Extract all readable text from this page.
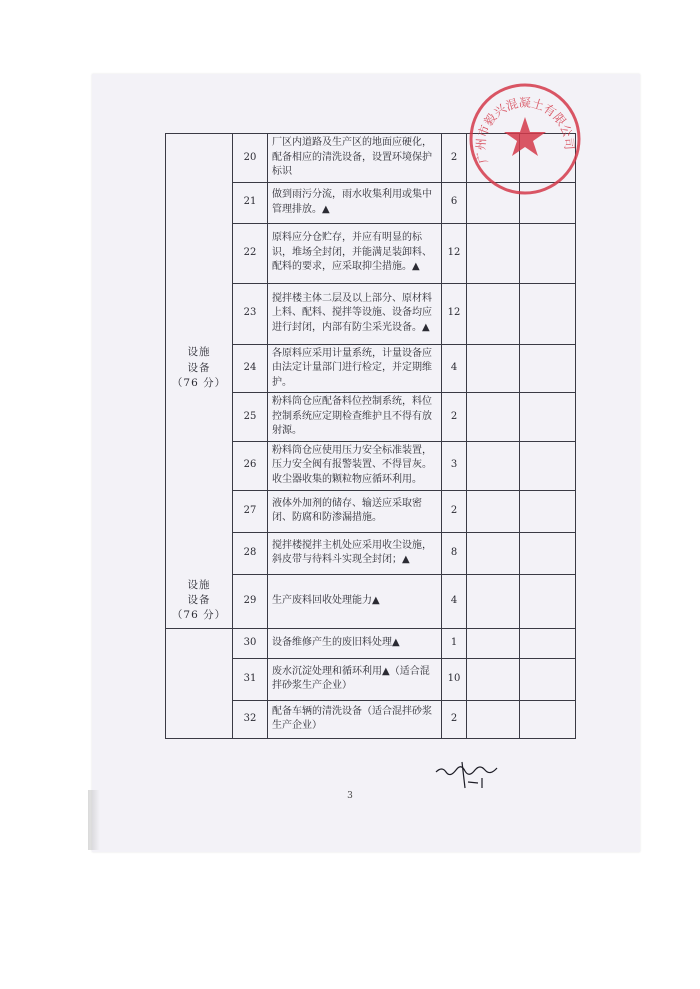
	20	厂区内道路及生产区的地面应硬化，配备相应的清洗设备，设置环境保护标识	2		
	21	做到雨污分流，雨水收集利用或集中管理排放。▲	6		
	22	原料应分仓贮存，并应有明显的标识，堆场全封闭，并能满足装卸料、配料的要求，应采取抑尘措施。▲	12		
	23	搅拌楼主体二层及以上部分、原材料上料、配料、搅拌等设施、设备均应进行封闭，内部有防尘采光设备。▲	12		

设施
设备
（76 分）	24	各原料应采用计量系统，计量设备应由法定计量部门进行检定，并定期维护。	4		
	25	粉料筒仓应配备料位控制系统，料位控制系统应定期检查维护且不得有放射源。	2		
	26	粉料筒仓应使用压力安全标准装置，压力安全阀有报警装置、不得冒灰。收尘器收集的颗粒物应循环利用。	3		
	27	液体外加剂的储存、输送应采取密闭、防腐和防渗漏措施。	2		
	28	搅拌楼搅拌主机处应采用收尘设施，斜皮带与待料斗实现全封闭；▲	8		

设施
设备
（76 分）	29	生产废料回收处理能力▲	4		
	30	设备维修产生的废旧料处理▲	1		
	31	废水沉淀处理和循环利用▲（适合混拌砂浆生产企业）	10		
	32	配备车辆的清洗设备（适合混拌砂浆生产企业）	2		
广州市毅兴混凝土有限公司
3
